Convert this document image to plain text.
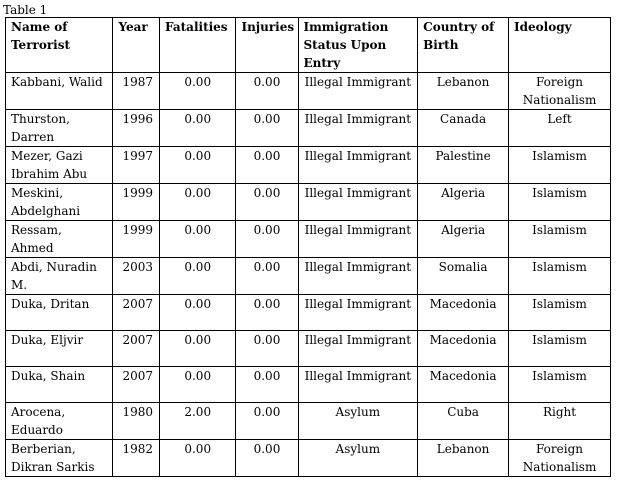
Table 1
Name of Terrorist	Year	Fatalities	Injuries	Immigration Status Upon Entry	Country of Birth	Ideology
Kabbani, Walid	1987	0.00	0.00	Illegal Immigrant	Lebanon	Foreign Nationalism
Thurston, Darren	1996	0.00	0.00	Illegal Immigrant	Canada	Left
Mezer, Gazi Ibrahim Abu	1997	0.00	0.00	Illegal Immigrant	Palestine	Islamism
Meskini, Abdelghani	1999	0.00	0.00	Illegal Immigrant	Algeria	Islamism
Ressam, Ahmed	1999	0.00	0.00	Illegal Immigrant	Algeria	Islamism
Abdi, Nuradin M.	2003	0.00	0.00	Illegal Immigrant	Somalia	Islamism
Duka, Dritan	2007	0.00	0.00	Illegal Immigrant	Macedonia	Islamism
Duka, Eljvir	2007	0.00	0.00	Illegal Immigrant	Macedonia	Islamism
Duka, Shain	2007	0.00	0.00	Illegal Immigrant	Macedonia	Islamism
Arocena, Eduardo	1980	2.00	0.00	Asylum	Cuba	Right
Berberian, Dikran Sarkis	1982	0.00	0.00	Asylum	Lebanon	Foreign Nationalism
